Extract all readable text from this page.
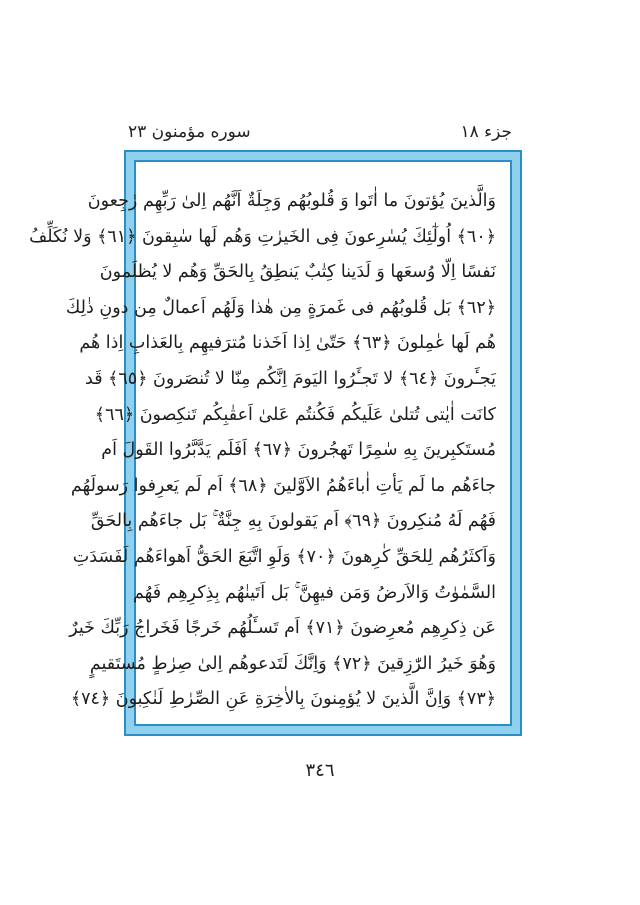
جزء ١٨
سوره مؤمنون ٢٣
وَالَّذينَ يُؤتونَ ما اٰتَوا وَ قُلوبُهُم وَجِلَةٌ اَنَّهُم اِلىٰ رَبِّهِم رٰجِعونَ
﴿٦٠﴾ اُولٰٓئِكَ يُسٰرِعونَ فِى الخَيرٰتِ وَهُم لَها سٰبِقونَ ﴿٦١﴾ وَلا نُكَلِّفُ
نَفسًا اِلّا وُسعَها وَ لَدَينا كِتٰبٌ يَنطِقُ بِالحَقِّ وَهُم لا يُظلَمونَ
﴿٦٢﴾ بَل قُلوبُهُم فى غَمرَةٍ مِن هٰذا وَلَهُم اَعمالٌ مِن دونِ ذٰلِكَ
هُم لَها عٰمِلونَ ﴿٦٣﴾ حَتّىٰ اِذا اَخَذنا مُترَفيهِم بِالعَذابِ اِذا هُم
يَجـَٔرونَ ﴿٦٤﴾ لا تَجـَٔرُوا اليَومَ اِنَّكُم مِنّا لا تُنصَرونَ ﴿٦٥﴾ قَد
كانَت اٰيٰتى تُتلىٰ عَلَيكُم فَكُنتُم عَلىٰ اَعقٰبِكُم تَنكِصونَ ﴿٦٦﴾
مُستَكبِرينَ بِهِ سٰمِرًا تَهجُرونَ ﴿٦٧﴾ اَفَلَم يَدَّبَّرُوا القَولَ اَم
جاءَهُم ما لَم يَأتِ اٰباءَهُمُ الاَوَّلينَ ﴿٦٨﴾ اَم لَم يَعرِفوا رَسولَهُم
فَهُم لَهُ مُنكِرونَ ﴿٦٩﴾ اَم يَقولونَ بِهِ جِنَّةٌ ۚ بَل جاءَهُم بِالحَقِّ
وَاَكثَرُهُم لِلحَقِّ كٰرِهونَ ﴿٧٠﴾ وَلَوِ اتَّبَعَ الحَقُّ اَهواءَهُم لَفَسَدَتِ
السَّمٰوٰتُ وَالاَرضُ وَمَن فيهِنَّ ۚ بَل اَتَينٰهُم بِذِكرِهِم فَهُم
عَن ذِكرِهِم مُعرِضونَ ﴿٧١﴾ اَم تَسـَٔلُهُم خَرجًا فَخَراجُ رَبِّكَ خَيرٌ
وَهُوَ خَيرُ الرّٰزِقينَ ﴿٧٢﴾ وَاِنَّكَ لَتَدعوهُم اِلىٰ صِرٰطٍ مُستَقيمٍ
﴿٧٣﴾ وَاِنَّ الَّذينَ لا يُؤمِنونَ بِالاٰخِرَةِ عَنِ الصِّرٰطِ لَنٰكِبونَ ﴿٧٤﴾
٣٤٦
